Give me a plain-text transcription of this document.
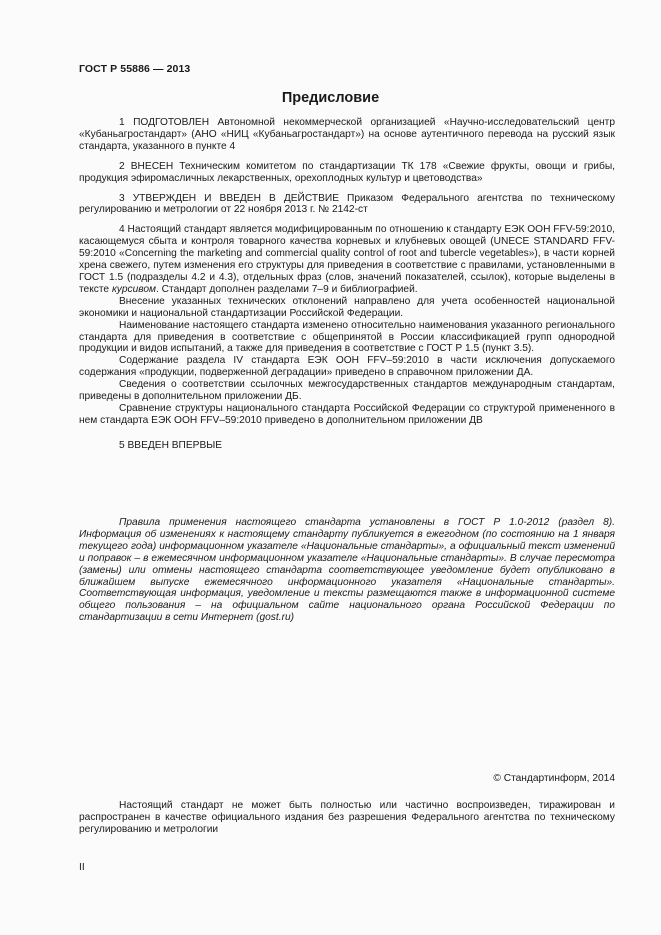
ГОСТ Р 55886 — 2013
Предисловие

1 ПОДГОТОВЛЕН Автономной некоммерческой организацией «Научно-исследовательский центр «Кубаньагростандарт» (АНО «НИЦ «Кубаньагростандарт») на основе аутентичного перевода на русский язык стандарта, указанного в пункте 4

2 ВНЕСЕН Техническим комитетом по стандартизации ТК 178 «Свежие фрукты, овощи и грибы, продукция эфиромасличных лекарственных, орехоплодных культур и цветоводства»

3 УТВЕРЖДЕН И ВВЕДЕН В ДЕЙСТВИЕ Приказом Федерального агентства по техническому регулированию и метрологии от 22 ноября 2013 г. № 2142-ст

4 Настоящий стандарт является модифицированным по отношению к стандарту ЕЭК ООН FFV-59:2010, касающемуся сбыта и контроля товарного качества корневых и клубневых овощей (UNECE STANDARD FFV-59:2010 «Concerning the marketing and commercial quality control of root and tubercle vegetables»), в части корней хрена свежего, путем изменения его структуры для приведения в соответствие с правилами, установленными в ГОСТ 1.5 (подразделы 4.2 и 4.3), отдельных фраз (слов, значений показателей, ссылок), которые выделены в тексте курсивом. Стандарт дополнен разделами 7–9 и библиографией.

Внесение указанных технических отклонений направлено для учета особенностей национальной экономики и национальной стандартизации Российской Федерации.

Наименование настоящего стандарта изменено относительно наименования указанного регионального стандарта для приведения в соответствие с общепринятой в России классификацией групп однородной продукции и видов испытаний, а также для приведения в соответствие с ГОСТ Р 1.5 (пункт 3.5).

Содержание раздела IV стандарта ЕЭК ООН FFV–59:2010 в части исключения допускаемого содержания «продукции, подверженной деградации» приведено в справочном приложении ДА.

Сведения о соответствии ссылочных межгосударственных стандартов международным стандартам, приведены в дополнительном приложении ДБ.

Сравнение структуры национального стандарта Российской Федерации со структурой примененного в нем стандарта ЕЭК ООН FFV–59:2010 приведено в дополнительном приложении ДВ

5 ВВЕДЕН ВПЕРВЫЕ

Правила применения настоящего стандарта установлены в ГОСТ Р 1.0-2012 (раздел 8). Информация об изменениях к настоящему стандарту публикуется в ежегодном (по состоянию на 1 января текущего года) информационном указателе «Национальные стандарты», а официальный текст изменений и поправок – в ежемесячном информационном указателе «Национальные стандарты». В случае пересмотра (замены) или отмены настоящего стандарта соответствующее уведомление будет опубликовано в ближайшем выпуске ежемесячного информационного указателя «Национальные стандарты». Соответствующая информация, уведомление и тексты размещаются также в информационной системе общего пользования – на официальном сайте национального органа Российской Федерации по стандартизации в сети Интернет (gost.ru)

© Стандартинформ, 2014

Настоящий стандарт не может быть полностью или частично воспроизведен, тиражирован и распространен в качестве официального издания без разрешения Федерального агентства по техническому регулированию и метрологии

II
